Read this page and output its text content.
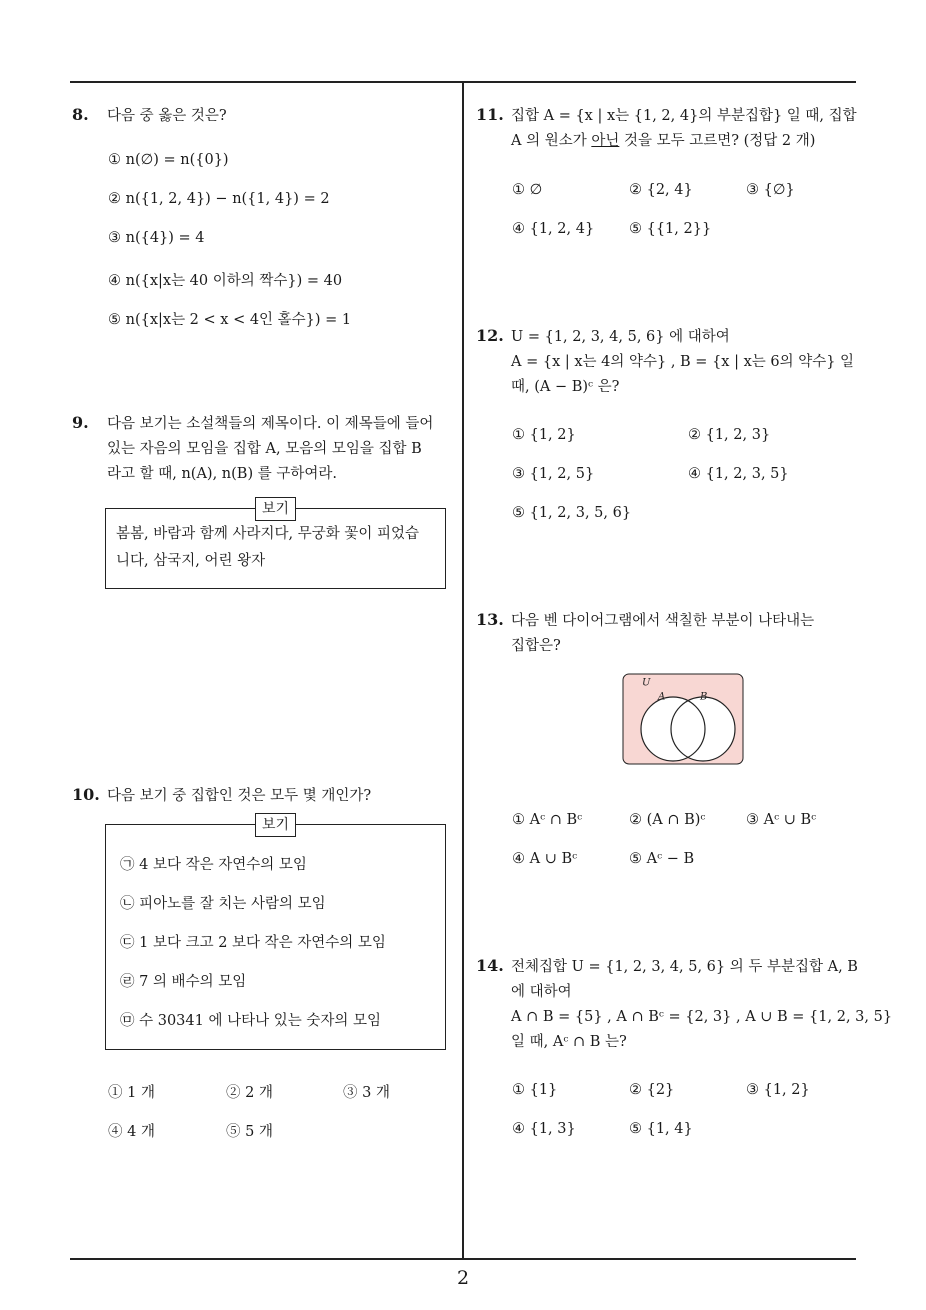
8. 다음 중 옳은 것은?
① n(∅) = n({0})
② n({1, 2, 4}) − n({1, 4}) = 2
③ n({4}) = 4
④ n({x|x는 40 이하의 짝수}) = 40
⑤ n({x|x는 2 < x < 4인 홀수}) = 1
9. 다음 보기는 소설책들의 제목이다. 이 제목들에 들어
있는 자음의 모임을 집합 A, 모음의 모임을 집합 B
라고 할 때, n(A), n(B) 를 구하여라.
봄봄, 바람과 함께 사라지다, 무궁화 꽃이 피었습
니다, 삼국지, 어린 왕자
보기
10. 다음 보기 중 집합인 것은 모두 몇 개인가?
㉠ 4 보다 작은 자연수의 모임
㉡ 피아노를 잘 치는 사람의 모임
㉢ 1 보다 크고 2 보다 작은 자연수의 모임
㉣ 7 의 배수의 모임
㉤ 수 30341 에 나타나 있는 숫자의 모임
보기
① 1 개	② 2 개	③ 3 개
④ 4 개	⑤ 5 개
11. 집합 A = {x | x는 {1, 2, 4}의 부분집합} 일 때, 집합
A 의 원소가 아닌 것을 모두 고르면? (정답 2 개)
① ∅	② {2, 4}	③ {∅}
④ {1, 2, 4} ⑤ {{1, 2}}
12. U = {1, 2, 3, 4, 5, 6} 에 대하여
A = {x | x는 4의 약수} , B = {x | x는 6의 약수} 일
때, (A − B)ᶜ 은?
① {1, 2}	② {1, 2, 3}
③ {1, 2, 5}	④ {1, 2, 3, 5}
⑤ {1, 2, 3, 5, 6}
13. 다음 벤 다이어그램에서 색칠한 부분이 나타내는
집합은?
U
A	B
① Aᶜ ∩ Bᶜ	② (A ∩ B)ᶜ	③ Aᶜ ∪ Bᶜ
④ A ∪ Bᶜ	⑤ Aᶜ − B
14. 전체집합 U = {1, 2, 3, 4, 5, 6} 의 두 부분집합 A, B
에 대하여
A ∩ B = {5} , A ∩ Bᶜ = {2, 3} , A ∪ B = {1, 2, 3, 5}
일 때, Aᶜ ∩ B 는?
① {1}	② {2}	③ {1, 2}
④ {1, 3}	⑤ {1, 4}
2
